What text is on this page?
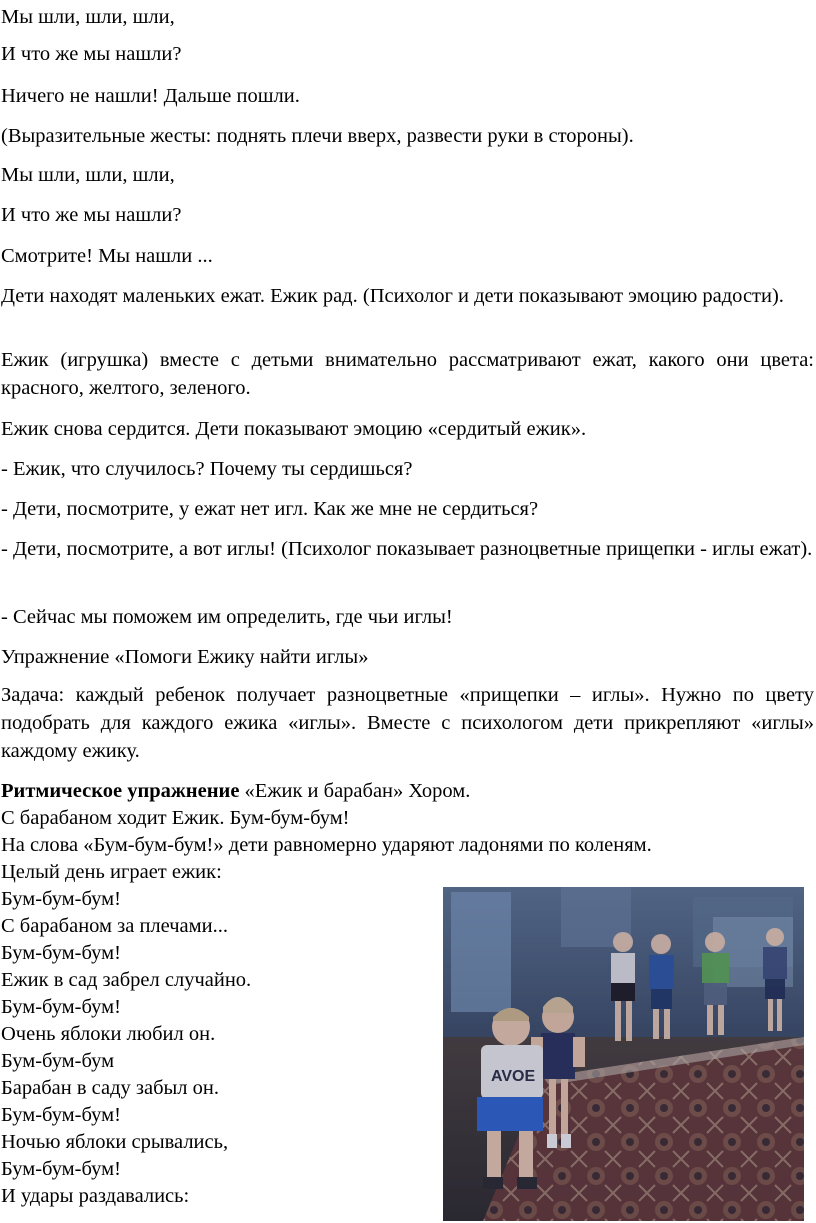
Мы шли, шли, шли,

И что же мы нашли?

Ничего не нашли! Дальше пошли.

(Выразительные жесты: поднять плечи вверх, развести руки в стороны).

Мы шли, шли, шли,

И что же мы нашли?

Смотрите! Мы нашли ...

Дети находят маленьких ежат. Ежик рад. (Психолог и дети показывают эмоцию радости).

Ежик (игрушка) вместе с детьми внимательно рассматривают ежат, какого они цвета: красного, желтого, зеленого.

Ежик снова сердится. Дети показывают эмоцию «сердитый ежик».

- Ежик, что случилось? Почему ты сердишься?

- Дети, посмотрите, у ежат нет игл. Как же мне не сердиться?

- Дети, посмотрите, а вот иглы! (Психолог показывает разноцветные прищепки - иглы ежат).

- Сейчас мы поможем им определить, где чьи иглы!

Упражнение «Помоги Ежику найти иглы»

Задача: каждый ребенок получает разноцветные «прищепки – иглы». Нужно по цвету подобрать для каждого ежика «иглы». Вместе с психологом дети прикрепляют «иглы» каждому ежику.

Ритмическое упражнение «Ежик и барабан» Хором.

С барабаном ходит Ежик. Бум-бум-бум!

На слова «Бум-бум-бум!» дети равномерно ударяют ладонями по коленям.

Целый день играет ежик:

Бум-бум-бум!

С барабаном за плечами...

Бум-бум-бум!

Ежик в сад забрел случайно.

Бум-бум-бум!

Очень яблоки любил он.

Бум-бум-бум

Барабан в саду забыл он.

Бум-бум-бум!

Ночью яблоки срывались,

Бум-бум-бум!

И удары раздавались:

AVOE
